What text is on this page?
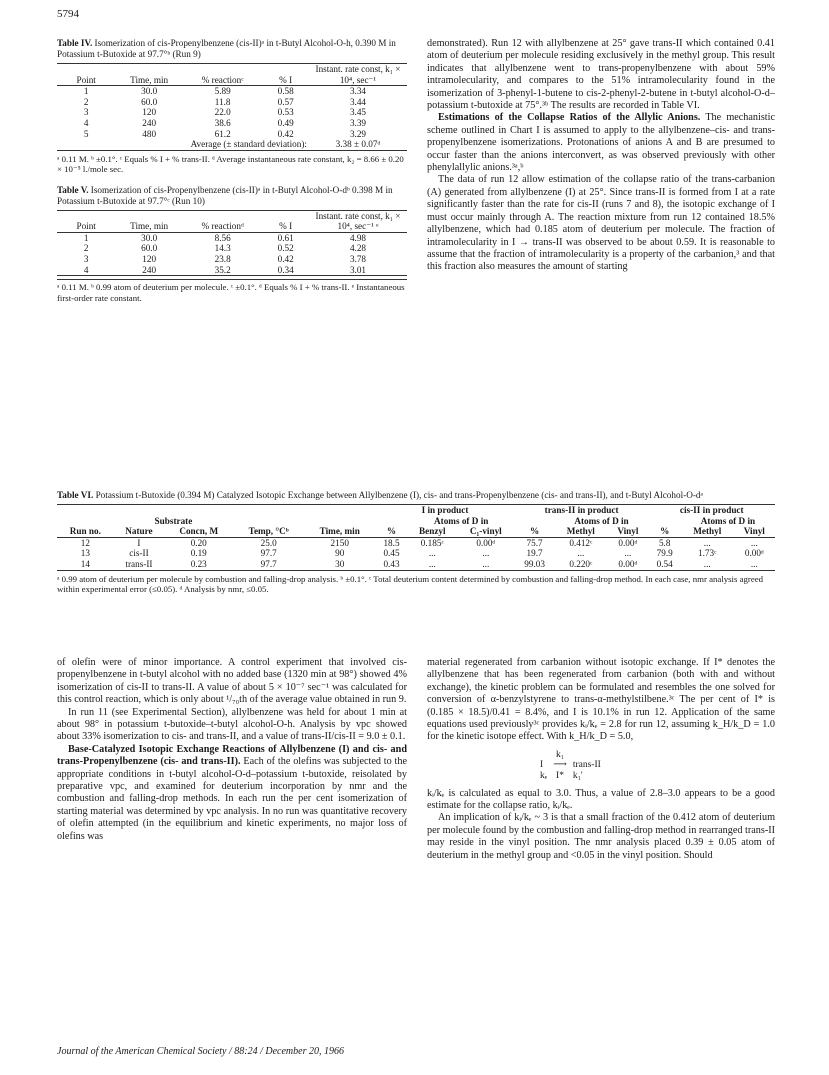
5794
Table IV. Isomerization of cis-Propenylbenzene (cis-II)ᵃ in t-Butyl Alcohol-O-h, 0.390 M in Potassium t-Butoxide at 97.7°ᵇ (Run 9)
Point	Time, min	% reactionᶜ	% I	Instant. rate const, k₁ × 10⁴, sec⁻¹
1	30.0	5.89	0.58	3.34
2	60.0	11.8	0.57	3.44
3	120	22.0	0.53	3.45
4	240	38.6	0.49	3.39
5	480	61.2	0.42	3.29
Average (± standard deviation):				3.38 ± 0.07ᵈ
ᵃ 0.11 M. ᵇ ±0.1°. ᶜ Equals % I + % trans-II. ᵈ Average instantaneous rate constant, k₂ = 8.66 ± 0.20 × 10⁻⁵ l./mole sec.
Table V. Isomerization of cis-Propenylbenzene (cis-II)ᵃ in t-Butyl Alcohol-O-dᵇ 0.398 M in Potassium t-Butoxide at 97.7°ᶜ (Run 10)
Point	Time, min	% reactionᵈ	% I	Instant. rate const, k₁ × 10⁴, sec⁻¹ ᵉ
1	30.0	8.56	0.61	4.98
2	60.0	14.3	0.52	4.28
3	120	23.8	0.42	3.78
4	240	35.2	0.34	3.01
ᵃ 0.11 M. ᵇ 0.99 atom of deuterium per molecule. ᶜ ±0.1°. ᵈ Equals % I + % trans-II. ᵉ Instantaneous first-order rate constant.

demonstrated). Run 12 with allylbenzene at 25° gave trans-II which contained 0.41 atom of deuterium per molecule residing exclusively in the methyl group. This result indicates that allylbenzene went to trans-propenylbenzene with about 59% intramolecularity, and compares to the 51% intramolecularity found in the isomerization of 3-phenyl-1-butene to cis-2-phenyl-2-butene in t-butyl alcohol-O-d–potassium t-butoxide at 75°.³ᵇ The results are recorded in Table VI.

Estimations of the Collapse Ratios of the Allylic Anions. The mechanistic scheme outlined in Chart I is assumed to apply to the allylbenzene–cis- and trans-propenylbenzene isomerizations. Protonations of anions A and B are presumed to occur faster than the anions interconvert, as was observed previously with other phenylallylic anions.³ᵃ,ᵇ

The data of run 12 allow estimation of the collapse ratio of the trans-carbanion (A) generated from allylbenzene (I) at 25°. Since trans-II is formed from I at a rate significantly faster than the rate for cis-II (runs 7 and 8), the isotopic exchange of I must occur mainly through A. The reaction mixture from run 12 contained 18.5% allylbenzene, which had 0.185 atom of deuterium per molecule. The fraction of intramolecularity in I → trans-II was observed to be about 0.59. It is reasonable to assume that the fraction of intramolecularity is a property of the carbanion,³ and that this fraction also measures the amount of starting

Table VI. Potassium t-Butoxide (0.394 M) Catalyzed Isotopic Exchange between Allylbenzene (I), cis- and trans-Propenylbenzene (cis- and trans-II), and t-Butyl Alcohol-O-dᵃ
					I in product			trans-II in product			cis-II in product		
	Substrate					Atoms of D in			Atoms of D in			Atoms of D in	
Run no.	Nature	Concn, M	Temp, °Cᵇ	Time, min	%	Benzyl	C₁-vinyl	%	Methyl	Vinyl	%	Methyl	Vinyl
12	I	0.20	25.0	2150	18.5	0.185ᶜ	0.00ᵈ	75.7	0.412ᶜ	0.00ᵈ	5.8	...	...
13	cis-II	0.19	97.7	90	0.45	...	...	19.7	...	...	79.9	1.73ᶜ	0.00ᵈ
14	trans-II	0.23	97.7	30	0.43	...	...	99.03	0.220ᶜ	0.00ᵈ	0.54	...	...
ᵃ 0.99 atom of deuterium per molecule by combustion and falling-drop analysis. ᵇ ±0.1°. ᶜ Total deuterium content determined by combustion and falling-drop method. In each case, nmr analysis agreed within experimental error (≤0.05). ᵈ Analysis by nmr, ≤0.05.

of olefin were of minor importance. A control experiment that involved cis-propenylbenzene in t-butyl alcohol with no added base (1320 min at 98°) showed 4% isomerization of cis-II to trans-II. A value of about 5 × 10⁻⁷ sec⁻¹ was calculated for this control reaction, which is only about ¹/₇₀th of the average value obtained in run 9.

In run 11 (see Experimental Section), allylbenzene was held for about 1 min at about 98° in potassium t-butoxide–t-butyl alcohol-O-h. Analysis by vpc showed about 33% isomerization to cis- and trans-II, and a value of trans-II/cis-II = 9.0 ± 0.1.

Base-Catalyzed Isotopic Exchange Reactions of Allylbenzene (I) and cis- and trans-Propenylbenzene (cis- and trans-II). Each of the olefins was subjected to the appropriate conditions in t-butyl alcohol-O-d–potassium t-butoxide, reisolated by preparative vpc, and examined for deuterium incorporation by nmr and the combustion and falling-drop methods. In each run the per cent isomerization of starting material was determined by vpc analysis. In no run was quantitative recovery of olefin attempted (in the equilibrium and kinetic experiments, no major loss of olefins was

material regenerated from carbanion without isotopic exchange. If I* denotes the allylbenzene that has been regenerated from carbanion (both with and without exchange), the kinetic problem can be formulated and resembles the one solved for conversion of α-benzylstyrene to trans-α-methylstilbene.³ᶜ The per cent of I* is (0.185 × 18.5)/0.41 = 8.4%, and I is 10.1% in run 12. Application of the same equations used previously³ᶜ provides kᵢ/kₑ = 2.8 for run 12, assuming k_H/k_D = 1.0 for the kinetic isotope effect. With k_H/k_D = 5.0,

	k₁	
I	⟶	trans-II
kₑ	I*	k₁'

kᵢ/kₑ is calculated as equal to 3.0. Thus, a value of 2.8–3.0 appears to be a good estimate for the collapse ratio, kᵢ/kₑ.

An implication of kᵢ/kₑ ~ 3 is that a small fraction of the 0.412 atom of deuterium per molecule found by the combustion and falling-drop method in rearranged trans-II may reside in the vinyl position. The nmr analysis placed 0.39 ± 0.05 atom of deuterium in the methyl group and <0.05 in the vinyl position. Should

Journal of the American Chemical Society / 88:24 / December 20, 1966
